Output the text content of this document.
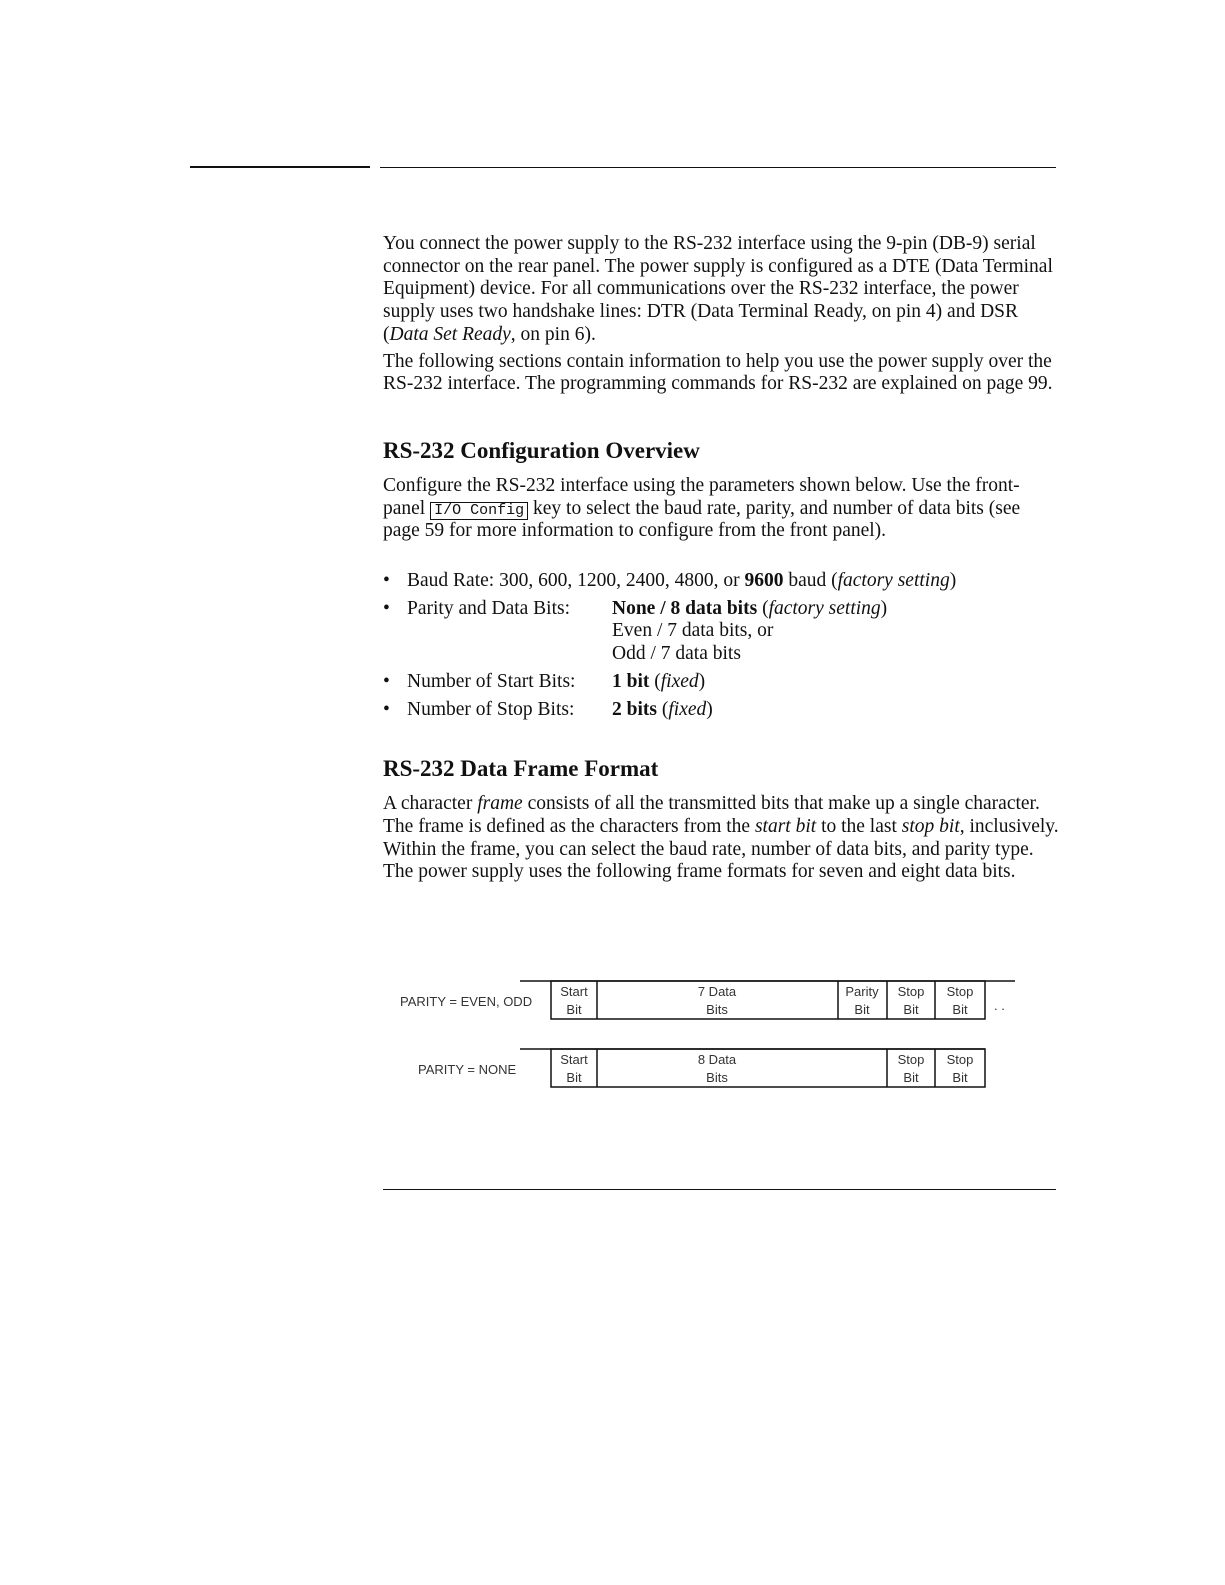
You connect the power supply to the RS-232 interface using the 9-pin (DB-9) serial connector on the rear panel. The power supply is configured as a DTE (Data Terminal Equipment) device. For all communications over the RS-232 interface, the power supply uses two handshake lines: DTR (Data Terminal Ready, on pin 4) and DSR (Data Set Ready, on pin 6).

The following sections contain information to help you use the power supply over the RS-232 interface. The programming commands for RS-232 are explained on page 99.

RS-232 Configuration Overview

Configure the RS-232 interface using the parameters shown below. Use the front-panel I/O Config key to select the baud rate, parity, and number of data bits (see page 59 for more information to configure from the front panel).

• Baud Rate: 300, 600, 1200, 2400, 4800, or 9600 baud (factory setting)
• Parity and Data Bits:	None / 8 data bits (factory setting)
Even / 7 data bits, or
Odd / 7 data bits
• Number of Start Bits:	1 bit (fixed)
• Number of Stop Bits:	2 bits (fixed)
RS-232 Data Frame Format

A character frame consists of all the transmitted bits that make up a single character. The frame is defined as the characters from the start bit to the last stop bit, inclusively. Within the frame, you can select the baud rate, number of data bits, and parity type. The power supply uses the following frame formats for seven and eight data bits.

PARITY = EVEN, ODD
Start
Bit
7 Data
Bits
Parity
Bit
Stop
Bit
Stop
Bit . .
PARITY = NONE
Start
Bit
8 Data
Bits
Stop
Bit
Stop
Bit
